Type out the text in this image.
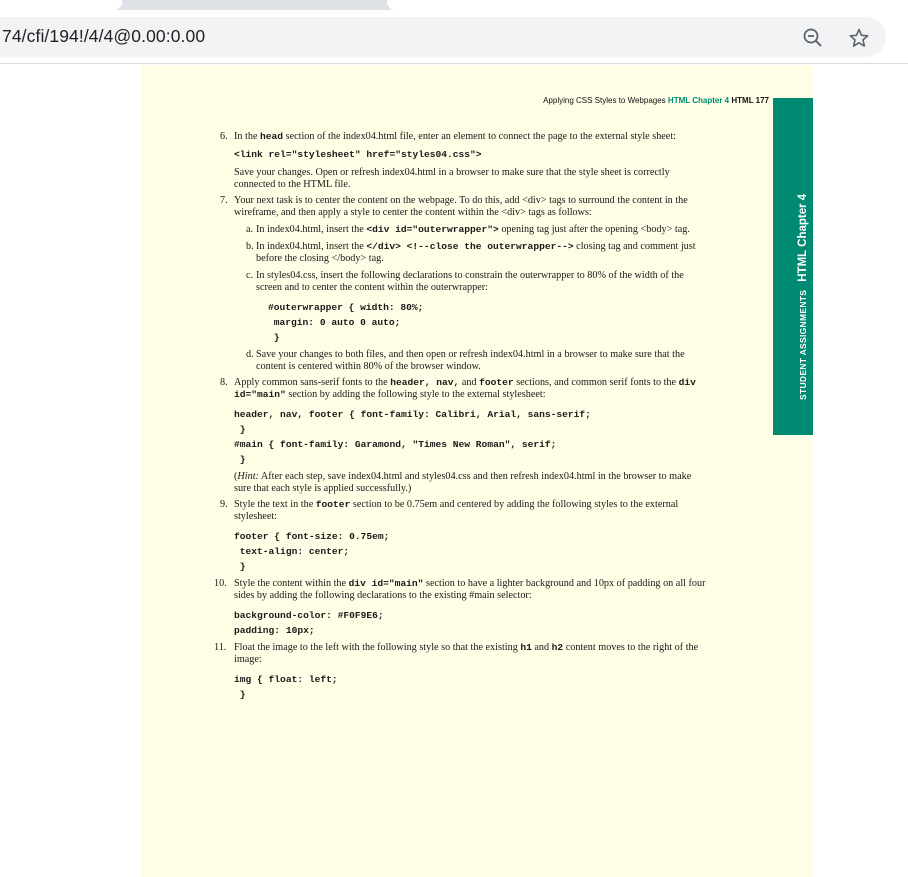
74/cfi/194!/4/4@0.00:0.00
Applying CSS Styles to Webpages HTML Chapter 4 HTML 177
STUDENT ASSIGNMENTSHTML Chapter 4
6. In the head section of the index04.html file, enter an element to connect the page to the external style sheet:

<link rel="stylesheet" href="styles04.css">

Save your changes. Open or refresh index04.html in a browser to make sure that the style sheet is correctly connected to the HTML file.

7. Your next task is to center the content on the webpage. To do this, add <div> tags to surround the content in the wireframe, and then apply a style to center the content within the <div> tags as follows:

a. In index04.html, insert the <div id="outerwrapper"> opening tag just after the opening <body> tag.

b. In index04.html, insert the </div> <!--close the outerwrapper--> closing tag and comment just before the closing </body> tag.

c. In styles04.css, insert the following declarations to constrain the outerwrapper to 80% of the width of the screen and to center the content within the outerwrapper:

#outerwrapper { width: 80%;
margin: 0 auto 0 auto;
}
d. Save your changes to both files, and then open or refresh index04.html in a browser to make sure that the content is centered within 80% of the browser window.

8. Apply common sans-serif fonts to the header, nav, and footer sections, and common serif fonts to the div id="main" section by adding the following style to the external stylesheet:

header, nav, footer { font-family: Calibri, Arial, sans-serif;
}
#main { font-family: Garamond, "Times New Roman", serif;
}

(Hint: After each step, save index04.html and styles04.css and then refresh index04.html in the browser to make sure that each style is applied successfully.)

9. Style the text in the footer section to be 0.75em and centered by adding the following styles to the external stylesheet:

footer { font-size: 0.75em;
text-align: center;
}
10. Style the content within the div id="main" section to have a lighter background and 10px of padding on all four sides by adding the following declarations to the existing #main selector:

background-color: #F0F9E6;
padding: 10px;
11. Float the image to the left with the following style so that the existing h1 and h2 content moves to the right of the image:

img { float: left;
}
